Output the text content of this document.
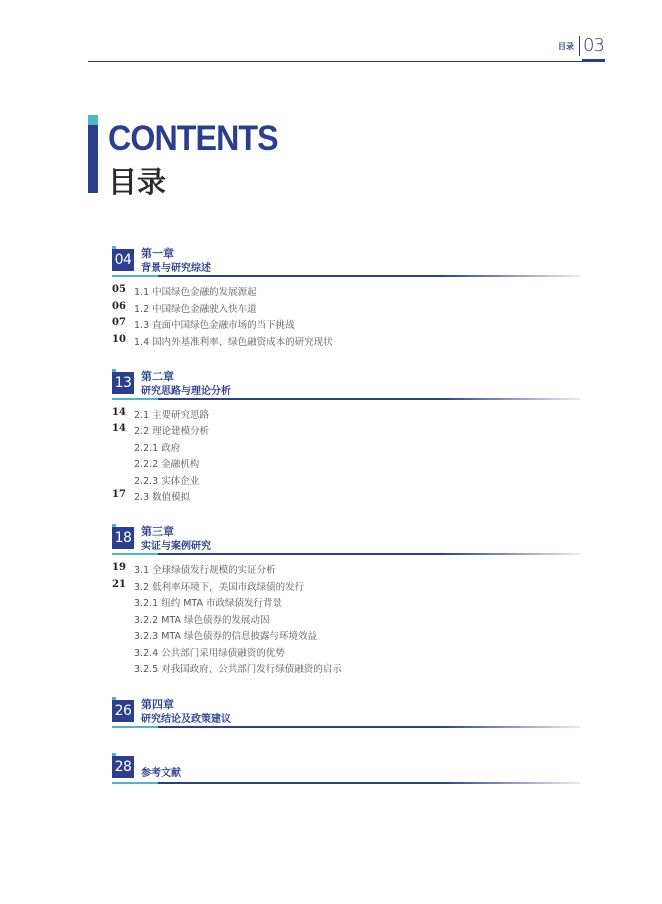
目录 03
CONTENTS
目录
04 第一章
背景与研究综述
05 1.1 中国绿色金融的发展源起
06 1.2 中国绿色金融驶入快车道
07 1.3 直面中国绿色金融市场的当下挑战
10 1.4 国内外基准利率、绿色融资成本的研究现状
13 第二章
研究思路与理论分析
14 2.1 主要研究思路
14 2.2 理论建模分析
2.2.1 政府
2.2.2 金融机构
2.2.3 实体企业
17 2.3 数值模拟
18 第三章
实证与案例研究
19 3.1 全球绿债发行规模的实证分析
21 3.2 低利率环境下，美国市政绿债的发行
3.2.1 纽约 MTA 市政绿债发行背景
3.2.2 MTA 绿色债券的发展动因
3.2.3 MTA 绿色债券的信息披露与环境效益
3.2.4 公共部门采用绿债融资的优势
3.2.5 对我国政府、公共部门发行绿债融资的启示
26 第四章
研究结论及政策建议
28 参考文献
